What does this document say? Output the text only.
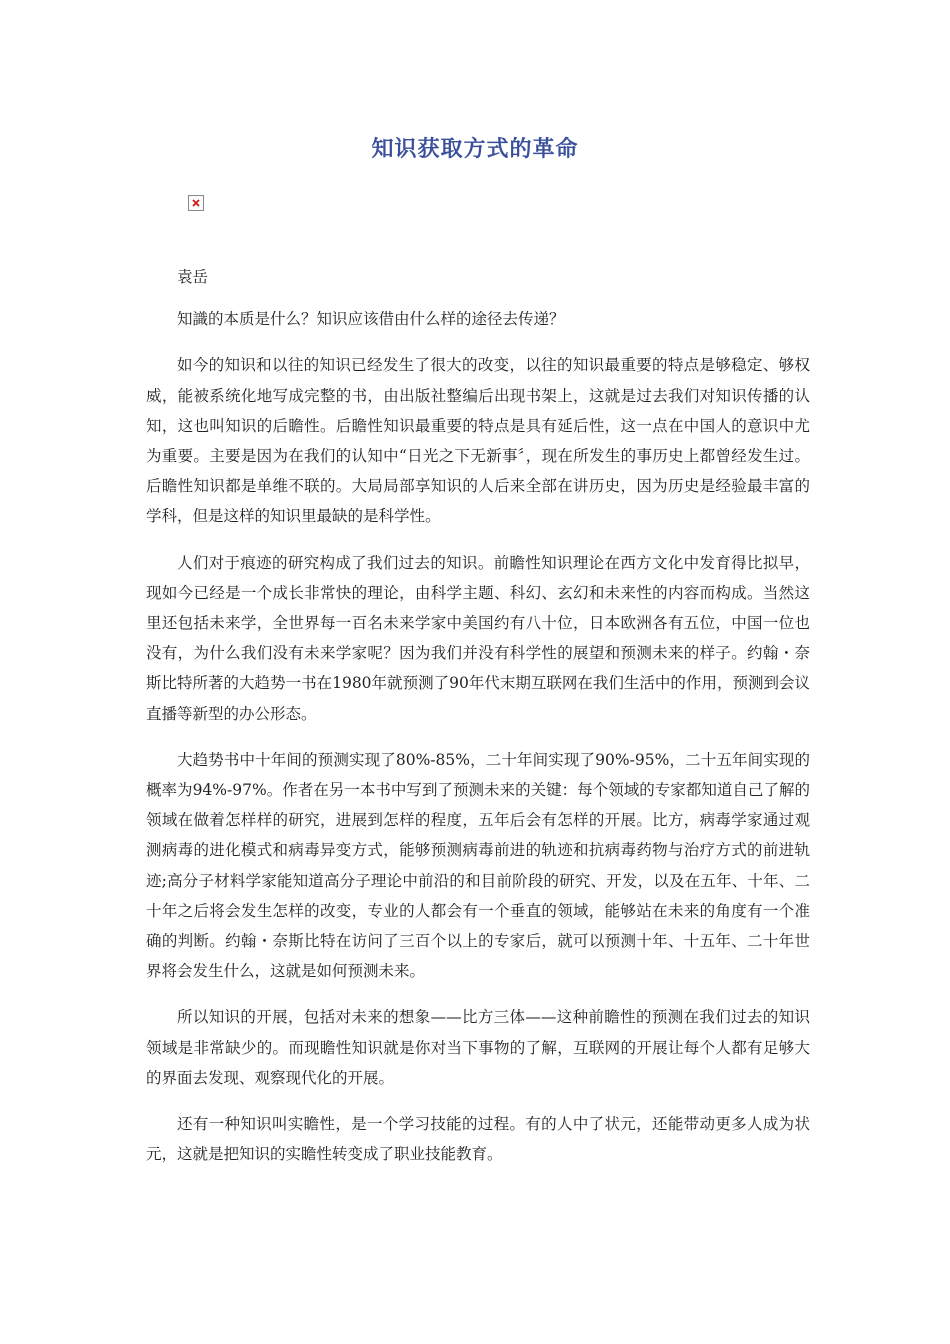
知识获取方式的革命

袁岳

知識的本质是什么？知识应该借由什么样的途径去传递？

如今的知识和以往的知识已经发生了很大的改变，以往的知识最重要的特点是够稳定、够权威，能被系统化地写成完整的书，由出版社整编后出现书架上，这就是过去我们对知识传播的认知，这也叫知识的后瞻性。后瞻性知识最重要的特点是具有延后性，这一点在中国人的意识中尤为重要。主要是因为在我们的认知中“日光之下无新事〞，现在所发生的事历史上都曾经发生过。后瞻性知识都是单维不联的。大局局部享知识的人后来全部在讲历史，因为历史是经验最丰富的学科，但是这样的知识里最缺的是科学性。

人们对于痕迹的研究构成了我们过去的知识。前瞻性知识理论在西方文化中发育得比拟早，现如今已经是一个成长非常快的理论，由科学主题、科幻、玄幻和未来性的内容而构成。当然这里还包括未来学，全世界每一百名未来学家中美国约有八十位，日本欧洲各有五位，中国一位也没有，为什么我们没有未来学家呢？因为我们并没有科学性的展望和预测未来的样子。约翰・奈斯比特所著的大趋势一书在1980年就预测了90年代末期互联网在我们生活中的作用，预测到会议直播等新型的办公形态。

大趋势书中十年间的预测实现了80%-85%，二十年间实现了90%-95%，二十五年间实现的概率为94%-97%。作者在另一本书中写到了预测未来的关键：每个领域的专家都知道自己了解的领域在做着怎样样的研究，进展到怎样的程度，五年后会有怎样的开展。比方，病毒学家通过观测病毒的进化模式和病毒异变方式，能够预测病毒前进的轨迹和抗病毒药物与治疗方式的前进轨迹;高分子材料学家能知道高分子理论中前沿的和目前阶段的研究、开发，以及在五年、十年、二十年之后将会发生怎样的改变，专业的人都会有一个垂直的领域，能够站在未来的角度有一个准确的判断。约翰・奈斯比特在访问了三百个以上的专家后，就可以预测十年、十五年、二十年世界将会发生什么，这就是如何预测未来。

所以知识的开展，包括对未来的想象——比方三体——这种前瞻性的预测在我们过去的知识领域是非常缺少的。而现瞻性知识就是你对当下事物的了解，互联网的开展让每个人都有足够大的界面去发现、观察现代化的开展。

还有一种知识叫实瞻性，是一个学习技能的过程。有的人中了状元，还能带动更多人成为状元，这就是把知识的实瞻性转变成了职业技能教育。
